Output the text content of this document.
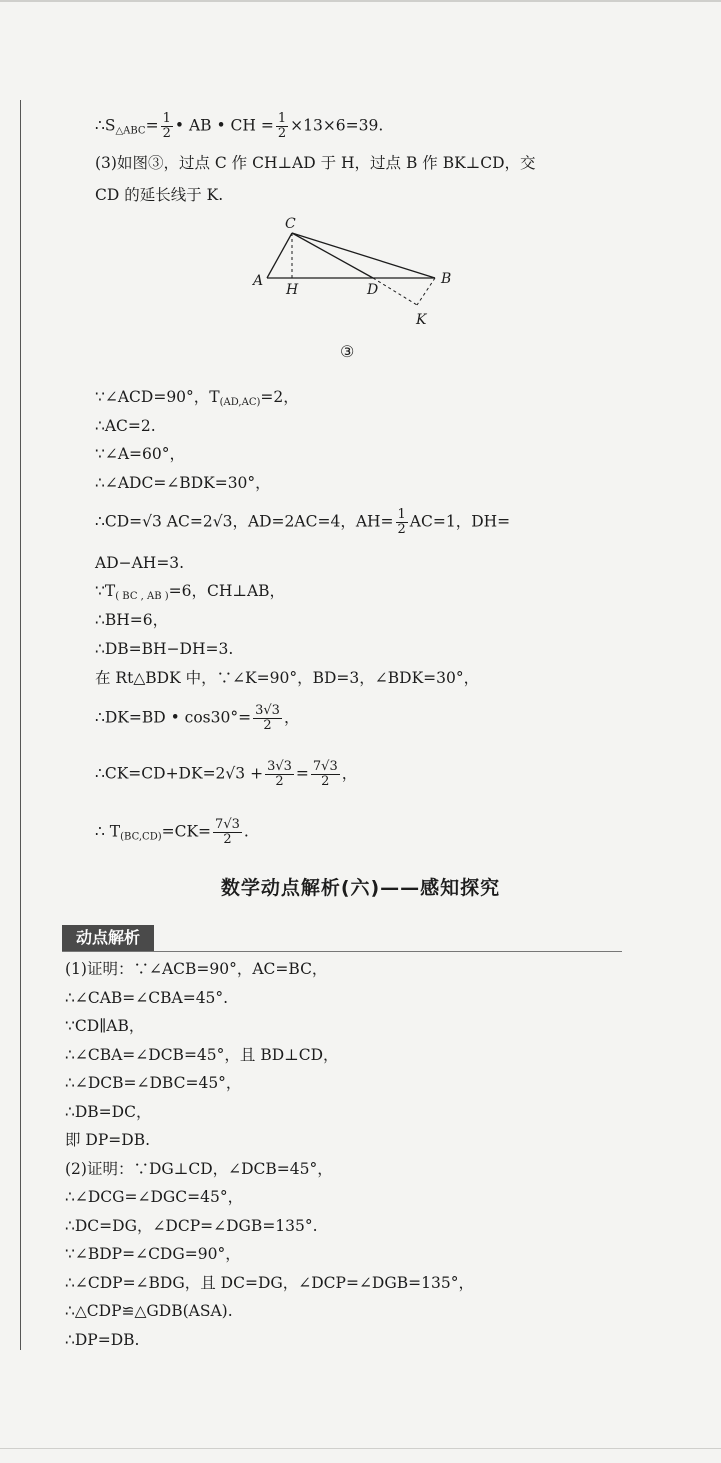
$\therefore S_{\triangle ABC}= \frac{1}{2}$ • AB • CH = $\frac{1}{2} \times 13\times 6=39$.
(3)如图③，过点 C 作 CH⊥AD 于 H，过点 B 作 BK⊥CD，交
CD 的延长线于 K.
C
A
H	D
B
K
③
∵∠ACD=90°，$T_{(AD,AC)}=2$，
∴AC=2.
∵∠A=60°，
∴∠ADC=∠BDK=30°，
∴CD=√3 AC=2√3，AD=2AC=4，$AH= \frac{1}{2} AC=1$，DH=
AD−AH=3.
$\because T_{( BC , AB )}=6$，CH⊥AB，
∴BH=6，
∴DB=BH−DH=3.
在 Rt△BDK 中，∵∠K=90°，BD=3，∠BDK=30°，
∴DK=BD • $\cos 30^\circ= \frac{3√3}{2}$ ，
∴CK=CD+DK=2√3 + $\frac{3√3}{2} = \frac{7√3}{2}$ ，
∴ $T_{(BC,CD)}=CK= \frac{7√3}{2}$ .
数学动点解析(六)——感知探究
动点解析
(1)证明：∵∠ACB=90°，AC=BC，
∴∠CAB=∠CBA=45°.
∵CD∥AB，
∴∠CBA=∠DCB=45°，且 BD⊥CD，
∴∠DCB=∠DBC=45°，
∴DB=DC，
即 DP=DB.
(2)证明：∵DG⊥CD，∠DCB=45°，
∴∠DCG=∠DGC=45°，
∴DC=DG，∠DCP=∠DGB=135°.
∵∠BDP=∠CDG=90°，
∴∠CDP=∠BDG，且 DC=DG，∠DCP=∠DGB=135°，
∴△CDP≌△GDB(ASA).
∴DP=DB.
